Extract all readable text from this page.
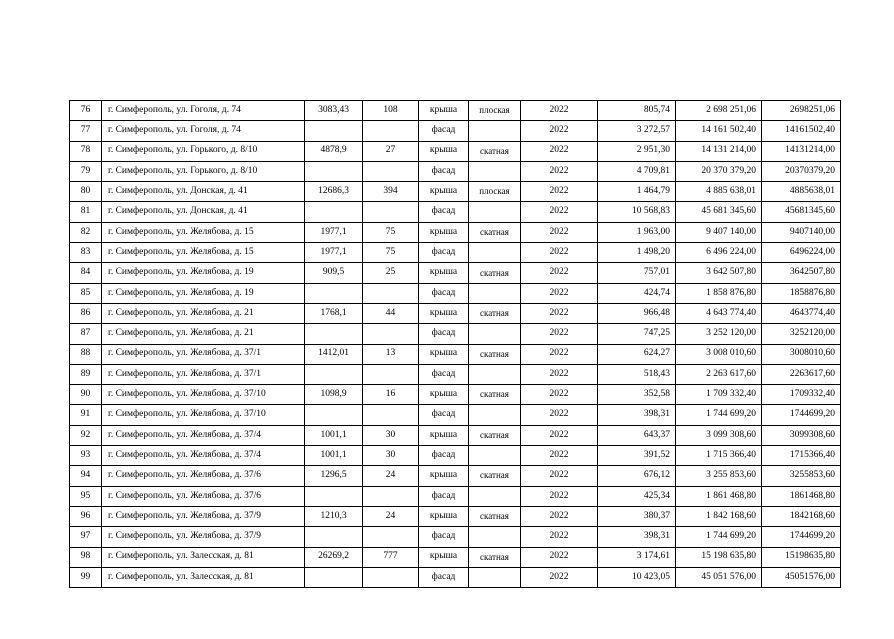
76	г. Симферополь, ул. Гоголя, д. 74	3083,43	108	крыша	плоская	2022	805,74	2 698 251,06	2698251,06
77	г. Симферополь, ул. Гоголя, д. 74			фасад		2022	3 272,57	14 161 502,40	14161502,40
78	г. Симферополь, ул. Горького, д. 8/10	4878,9	27	крыша	скатная	2022	2 951,30	14 131 214,00	14131214,00
79	г. Симферополь, ул. Горького, д. 8/10			фасад		2022	4 709,81	20 370 379,20	20370379,20
80	г. Симферополь, ул. Донская, д. 41	12686,3	394	крыша	плоская	2022	1 464,79	4 885 638,01	4885638,01
81	г. Симферополь, ул. Донская, д. 41			фасад		2022	10 568,83	45 681 345,60	45681345,60
82	г. Симферополь, ул. Желябова, д. 15	1977,1	75	крыша	скатная	2022	1 963,00	9 407 140,00	9407140,00
83	г. Симферополь, ул. Желябова, д. 15	1977,1	75	фасад		2022	1 498,20	6 496 224,00	6496224,00
84	г. Симферополь, ул. Желябова, д. 19	909,5	25	крыша	скатная	2022	757,01	3 642 507,80	3642507,80
85	г. Симферополь, ул. Желябова, д. 19			фасад		2022	424,74	1 858 876,80	1858876,80
86	г. Симферополь, ул. Желябова, д. 21	1768,1	44	крыша	скатная	2022	966,48	4 643 774,40	4643774,40
87	г. Симферополь, ул. Желябова, д. 21			фасад		2022	747,25	3 252 120,00	3252120,00
88	г. Симферополь, ул. Желябова, д. 37/1	1412,01	13	крыша	скатная	2022	624,27	3 008 010,60	3008010,60
89	г. Симферополь, ул. Желябова, д. 37/1			фасад		2022	518,43	2 263 617,60	2263617,60
90	г. Симферополь, ул. Желябова, д. 37/10	1098,9	16	крыша	скатная	2022	352,58	1 709 332,40	1709332,40
91	г. Симферополь, ул. Желябова, д. 37/10			фасад		2022	398,31	1 744 699,20	1744699,20
92	г. Симферополь, ул. Желябова, д. 37/4	1001,1	30	крыша	скатная	2022	643,37	3 099 308,60	3099308,60
93	г. Симферополь, ул. Желябова, д. 37/4	1001,1	30	фасад		2022	391,52	1 715 366,40	1715366,40
94	г. Симферополь, ул. Желябова, д. 37/6	1296,5	24	крыша	скатная	2022	676,12	3 255 853,60	3255853,60
95	г. Симферополь, ул. Желябова, д. 37/6			фасад		2022	425,34	1 861 468,80	1861468,80
96	г. Симферополь, ул. Желябова, д. 37/9	1210,3	24	крыша	скатная	2022	380,37	1 842 168,60	1842168,60
97	г. Симферополь, ул. Желябова, д. 37/9			фасад		2022	398,31	1 744 699,20	1744699,20
98	г. Симферополь, ул. Залесская, д. 81	26269,2	777	крыша	скатная	2022	3 174,61	15 198 635,80	15198635,80
99	г. Симферополь, ул. Залесская, д. 81			фасад		2022	10 423,05	45 051 576,00	45051576,00
